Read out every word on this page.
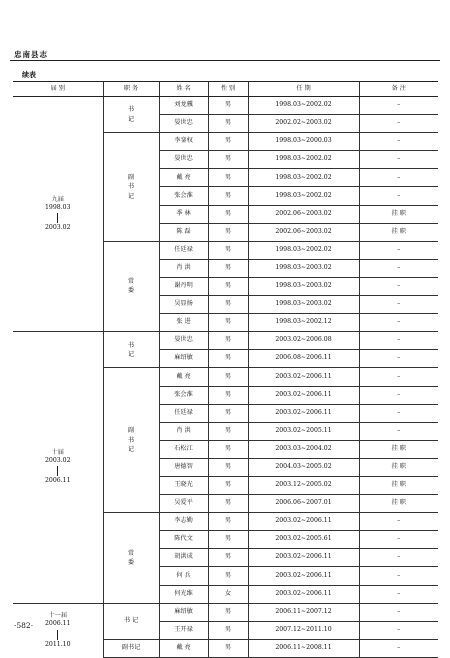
忠南县志
续表
届 别	职 务	姓 名	性 别	任 期	备 注

九届
1998.03
2003.02	书记	刘龙骥	男	1998.03~2002.02	–
		晏世忠	男	2002.02~2003.02	–
	副书记	李銮权	男	1998.03~2000.03	–
		晏世忠	男	1998.03~2002.02	–
		戴 亮	男	1998.03~2002.02	–
		张会淮	男	1998.03~2002.02	–
		季 林	男	2002.06~2003.02	挂 职
		陈 磊	男	2002.06~2003.02	挂 职
	常委	任廷禄	男	1998.03~2002.02	–
		肖 洪	男	1998.03~2003.02	–
		谢丹明	男	1998.03~2003.02	–
		吴显扬	男	1998.03~2003.02	–
		张 进	男	1998.03~2002.12	–

十届
2003.02
2006.11	书记	晏世忠	男	2003.02~2006.08	–
		麻绍敏	男	2006.08~2006.11	–
	副书记	戴 亮	男	2003.02~2006.11	–
		张会淮	男	2003.02~2006.11	–
		任廷禄	男	2003.02~2006.11	–
		肖 洪	男	2003.02~2005.11	–
		石松江	男	2003.03~2004.02	挂 职
		唐德智	男	2004.03~2005.02	挂 职
		王晓光	男	2003.12~2005.02	挂 职
		吴爱平	男	2006.06~2007.01	挂 职
	常委	李志勤	男	2003.02~2006.11	–
		陈代文	男	2003.02~2005.61	–
		胡洪成	男	2003.02~2006.11	–
		何 兵	男	2003.02~2006.11	–
		何光维	女	2003.02~2006.11	–

十一届
2006.11
2011.10	书 记	麻绍敏	男	2006.11~2007.12	–
		王开禄	男	2007.12~2011.10	–
	副书记	戴 亮	男	2006.11~2008.11	–
·582·
